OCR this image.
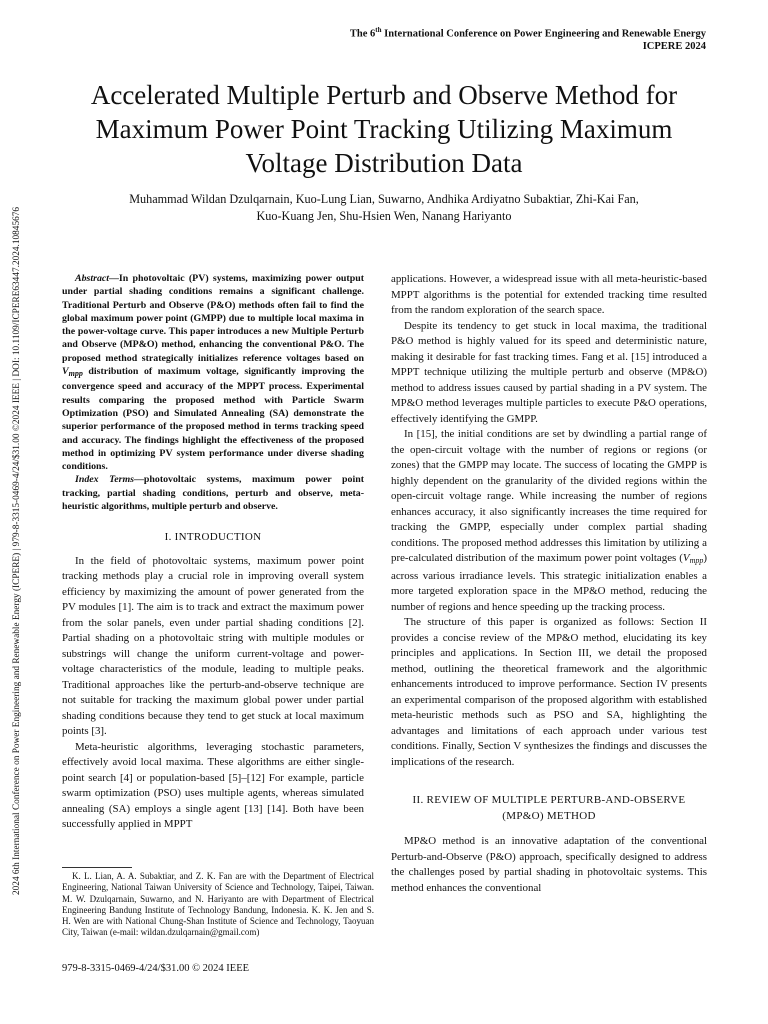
2024 6th International Conference on Power Engineering and Renewable Energy (ICPERE) | 979-8-3315-0469-4/24/$31.00 ©2024 IEEE | DOI: 10.1109/ICPERE63447.2024.10845676
The 6th International Conference on Power Engineering and Renewable Energy
ICPERE 2024
Accelerated Multiple Perturb and Observe Method for Maximum Power Point Tracking Utilizing Maximum Voltage Distribution Data
Muhammad Wildan Dzulqarnain, Kuo-Lung Lian, Suwarno, Andhika Ardiyatno Subaktiar, Zhi-Kai Fan,
Kuo-Kuang Jen, Shu-Hsien Wen, Nanang Hariyanto

Abstract—In photovoltaic (PV) systems, maximizing power output under partial shading conditions remains a significant challenge. Traditional Perturb and Observe (P&O) methods often fail to find the global maximum power point (GMPP) due to multiple local maxima in the power-voltage curve. This paper introduces a new Multiple Perturb and Observe (MP&O) method, enhancing the conventional P&O. The proposed method strategically initializes reference voltages based on $V_{mpp}$ distribution of maximum voltage, significantly improving the convergence speed and accuracy of the MPPT process. Experimental results comparing the proposed method with Particle Swarm Optimization (PSO) and Simulated Annealing (SA) demonstrate the superior performance of the proposed method in terms tracking speed and accuracy. The findings highlight the effectiveness of the proposed method in optimizing PV system performance under diverse shading conditions.

Index Terms—photovoltaic systems, maximum power point tracking, partial shading conditions, perturb and observe, meta-heuristic algorithms, multiple perturb and observe.

I. INTRODUCTION

In the field of photovoltaic systems, maximum power point tracking methods play a crucial role in improving overall system efficiency by maximizing the amount of power generated from the PV modules [1]. The aim is to track and extract the maximum power from the solar panels, even under partial shading conditions [2]. Partial shading on a photovoltaic string with multiple modules or substrings will change the uniform current-voltage and power-voltage characteristics of the module, leading to multiple peaks. Traditional approaches like the perturb-and-observe technique are not suitable for tracking the maximum global power under partial shading conditions because they tend to get stuck at local maximum points [3].

Meta-heuristic algorithms, leveraging stochastic parameters, effectively avoid local maxima. These algorithms are either single-point search [4] or population-based [5]–[12] For example, particle swarm optimization (PSO) uses multiple agents, whereas simulated annealing (SA) employs a single agent [13] [14]. Both have been successfully applied in MPPT

K. L. Lian, A. A. Subaktiar, and Z. K. Fan are with the Department of Electrical Engineering, National Taiwan University of Science and Technology, Taipei, Taiwan. M. W. Dzulqarnain, Suwarno, and N. Hariyanto are with Department of Electrical Engineering Bandung Institute of Technology Bandung, Indonesia. K. K. Jen and S. H. Wen are with National Chung-Shan Institute of Science and Technology, Taoyuan City, Taiwan (e-mail: wildan.dzulqarnain@gmail.com)
979-8-3315-0469-4/24/$31.00 © 2024 IEEE

applications. However, a widespread issue with all meta-heuristic-based MPPT algorithms is the potential for extended tracking time resulted from the random exploration of the search space.

Despite its tendency to get stuck in local maxima, the traditional P&O method is highly valued for its speed and deterministic nature, making it desirable for fast tracking times. Fang et al. [15] introduced a MPPT technique utilizing the multiple perturb and observe (MP&O) method to address issues caused by partial shading in a PV system. The MP&O method leverages multiple particles to execute P&O operations, effectively identifying the GMPP.

In [15], the initial conditions are set by dwindling a partial range of the open-circuit voltage with the number of regions or regions (or zones) that the GMPP may locate. The success of locating the GMPP is highly dependent on the granularity of the divided regions within the open-circuit voltage range. While increasing the number of regions enhances accuracy, it also significantly increases the time required for tracking the GMPP, especially under complex partial shading conditions. The proposed method addresses this limitation by utilizing a pre-calculated distribution of the maximum power point voltages $(V_{mpp})$ across various irradiance levels. This strategic initialization enables a more targeted exploration space in the MP&O method, reducing the number of regions and hence speeding up the tracking process.

The structure of this paper is organized as follows: Section II provides a concise review of the MP&O method, elucidating its key principles and applications. In Section III, we detail the proposed method, outlining the theoretical framework and the algorithmic enhancements introduced to improve performance. Section IV presents an experimental comparison of the proposed algorithm with established meta-heuristic methods such as PSO and SA, highlighting the advantages and limitations of each approach under various test conditions. Finally, Section V synthesizes the findings and discusses the implications of the research.

II. REVIEW OF MULTIPLE PERTURB-AND-OBSERVE
(MP&O) METHOD

MP&O method is an innovative adaptation of the conventional Perturb-and-Observe (P&O) approach, specifically designed to address the challenges posed by partial shading in photovoltaic systems. This method enhances the conventional
